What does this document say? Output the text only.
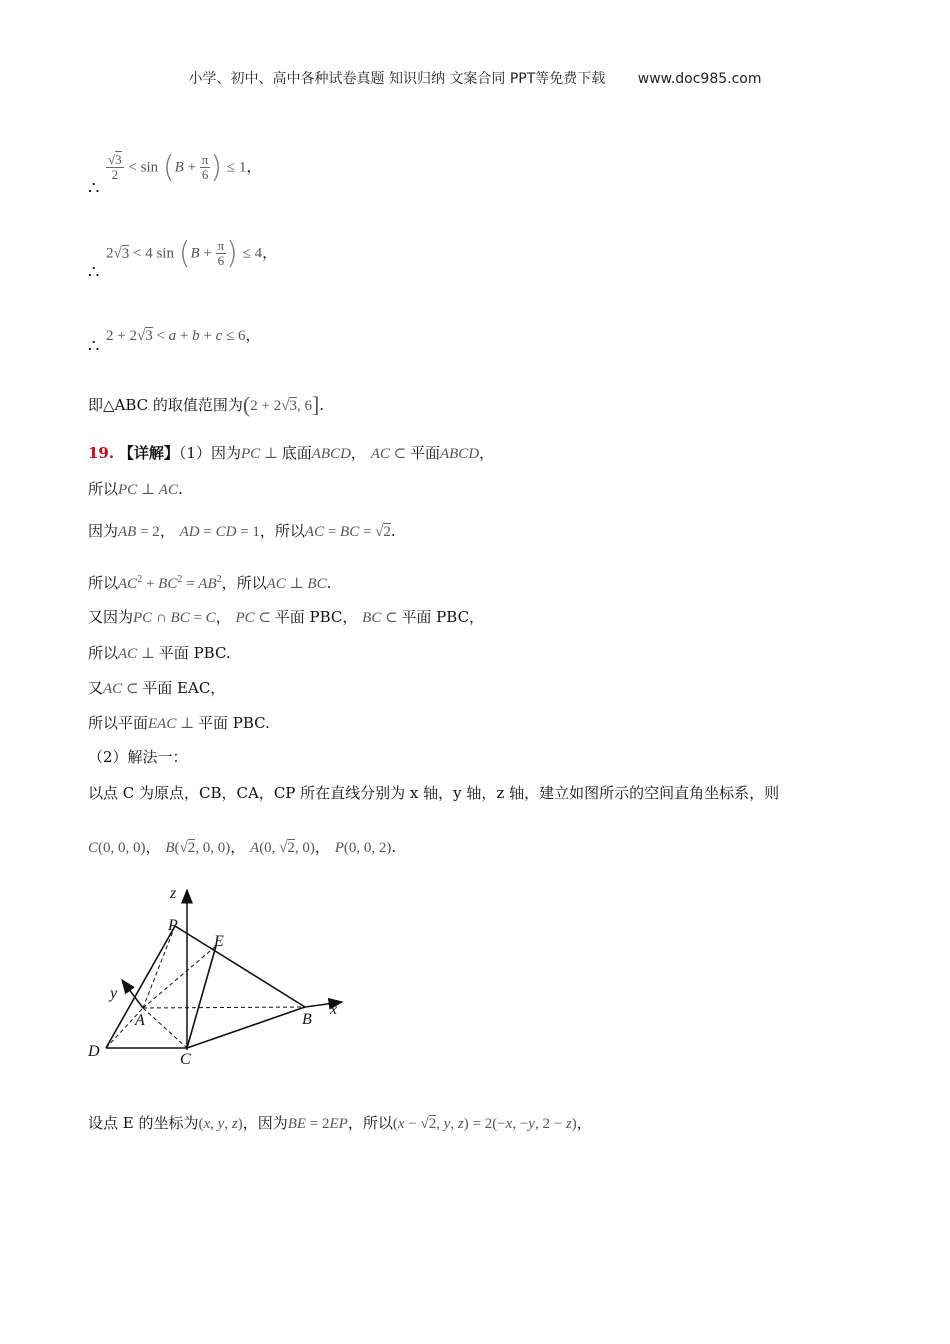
小学、初中、高中各种试卷真题 知识归纳 文案合同 PPT等免费下载 www.doc985.com
∴
$\frac{√3}{2} < \sin (B + \frac{\pi}{6}$ ) ≤ 1，
∴
2√3 < 4 $\sin (B + \frac{\pi}{6}$ ) ≤ 4，
∴ 2 + 2√3 < a + b + c ≤ 6，
即△ABC 的取值范围为(2 + 2√3, 6].
19. 【详解】（1）因为PC ⊥ 底面ABCD， AC ⊂ 平面ABCD，
所以PC ⊥ AC.
因为AB = 2， AD = CD = 1，所以AC = BC = √2.
所以$AC^2 + BC^2 = AB^2$，所以AC ⊥ BC.
又因为PC ∩ BC = C， PC ⊂ 平面 PBC， BC ⊂ 平面 PBC，
所以AC ⊥ 平面 PBC.
又AC ⊂ 平面 EAC，
所以平面EAC ⊥ 平面 PBC.
（2）解法一：
以点 C 为原点，CB，CA，CP 所在直线分别为 x 轴，y 轴，z 轴，建立如图所示的空间直角坐标系，则
C(0, 0, 0)， B(√2, 0, 0)， A(0, √2, 0)， P(0, 0, 2).
z
y
x
P
E
A	B
C
D
设点 E 的坐标为(x, y, z)，因为BE = 2EP，所以(x − √2, y, z) = 2(−x, −y, 2 − z)，
